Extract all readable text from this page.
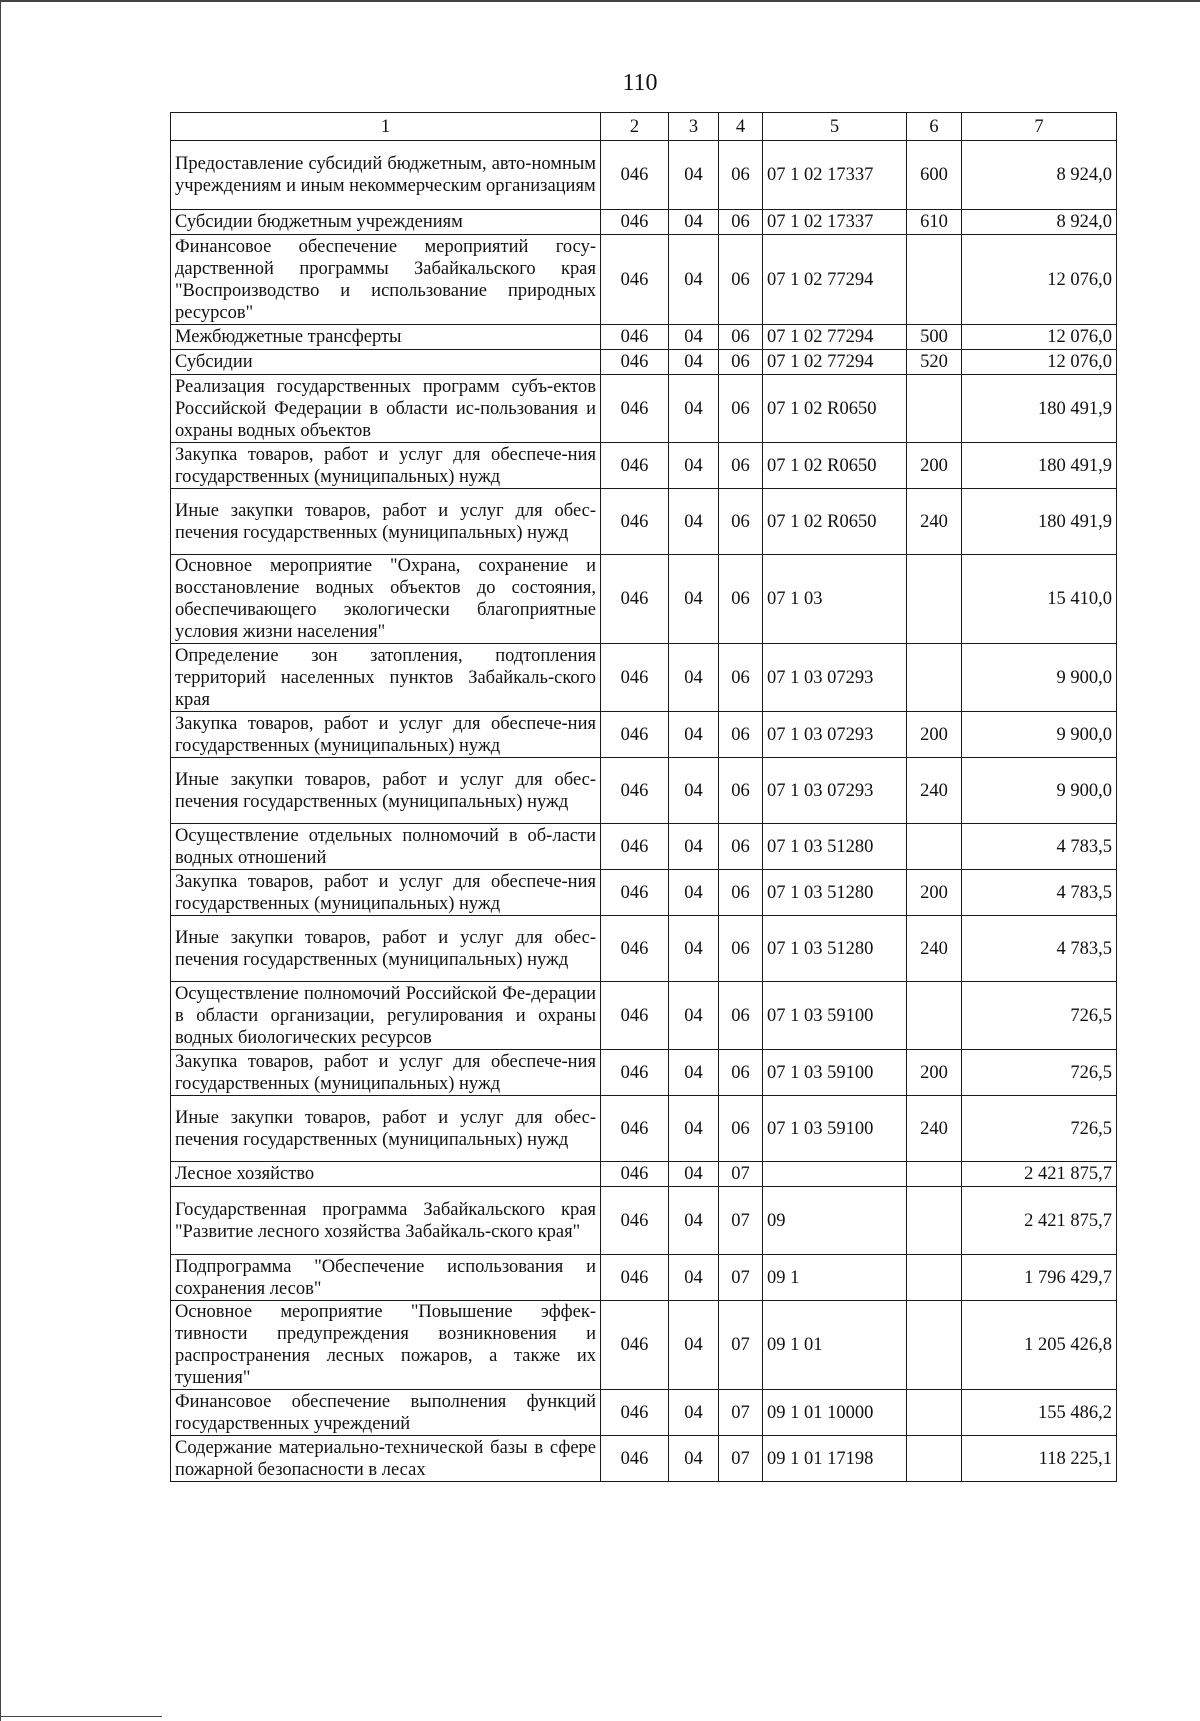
110
1	2	3	4	5	6	7
Предоставление субсидий бюджетным, авто-номным учреждениям и иным некоммерческим организациям	046	04	06	07 1 02 17337	600	8 924,0
Субсидии бюджетным учреждениям	046	04	06	07 1 02 17337	610	8 924,0
Финансовое обеспечение мероприятий госу-дарственной программы Забайкальского края "Воспроизводство и использование природных ресурсов"	046	04	06	07 1 02 77294		12 076,0
Межбюджетные трансферты	046	04	06	07 1 02 77294	500	12 076,0
Субсидии	046	04	06	07 1 02 77294	520	12 076,0
Реализация государственных программ субъ-ектов Российской Федерации в области ис-пользования и охраны водных объектов	046	04	06	07 1 02 R0650		180 491,9
Закупка товаров, работ и услуг для обеспече-ния государственных (муниципальных) нужд	046	04	06	07 1 02 R0650	200	180 491,9
Иные закупки товаров, работ и услуг для обес-печения государственных (муниципальных) нужд	046	04	06	07 1 02 R0650	240	180 491,9
Основное мероприятие "Охрана, сохранение и восстановление водных объектов до состояния, обеспечивающего экологически благоприятные условия жизни населения"	046	04	06	07 1 03		15 410,0
Определение зон затопления, подтопления территорий населенных пунктов Забайкаль-ского края	046	04	06	07 1 03 07293		9 900,0
Закупка товаров, работ и услуг для обеспече-ния государственных (муниципальных) нужд	046	04	06	07 1 03 07293	200	9 900,0
Иные закупки товаров, работ и услуг для обес-печения государственных (муниципальных) нужд	046	04	06	07 1 03 07293	240	9 900,0
Осуществление отдельных полномочий в об-ласти водных отношений	046	04	06	07 1 03 51280		4 783,5
Закупка товаров, работ и услуг для обеспече-ния государственных (муниципальных) нужд	046	04	06	07 1 03 51280	200	4 783,5
Иные закупки товаров, работ и услуг для обес-печения государственных (муниципальных) нужд	046	04	06	07 1 03 51280	240	4 783,5
Осуществление полномочий Российской Фе-дерации в области организации, регулирования и охраны водных биологических ресурсов	046	04	06	07 1 03 59100		726,5
Закупка товаров, работ и услуг для обеспече-ния государственных (муниципальных) нужд	046	04	06	07 1 03 59100	200	726,5
Иные закупки товаров, работ и услуг для обес-печения государственных (муниципальных) нужд	046	04	06	07 1 03 59100	240	726,5
Лесное хозяйство	046	04	07			2 421 875,7
Государственная программа Забайкальского края "Развитие лесного хозяйства Забайкаль-ского края"	046	04	07	09		2 421 875,7
Подпрограмма "Обеспечение использования и сохранения лесов"	046	04	07	09 1		1 796 429,7
Основное мероприятие "Повышение эффек-тивности предупреждения возникновения и распространения лесных пожаров, а также их тушения"	046	04	07	09 1 01		1 205 426,8
Финансовое обеспечение выполнения функций государственных учреждений	046	04	07	09 1 01 10000		155 486,2
Содержание материально-технической базы в сфере пожарной безопасности в лесах	046	04	07	09 1 01 17198		118 225,1
